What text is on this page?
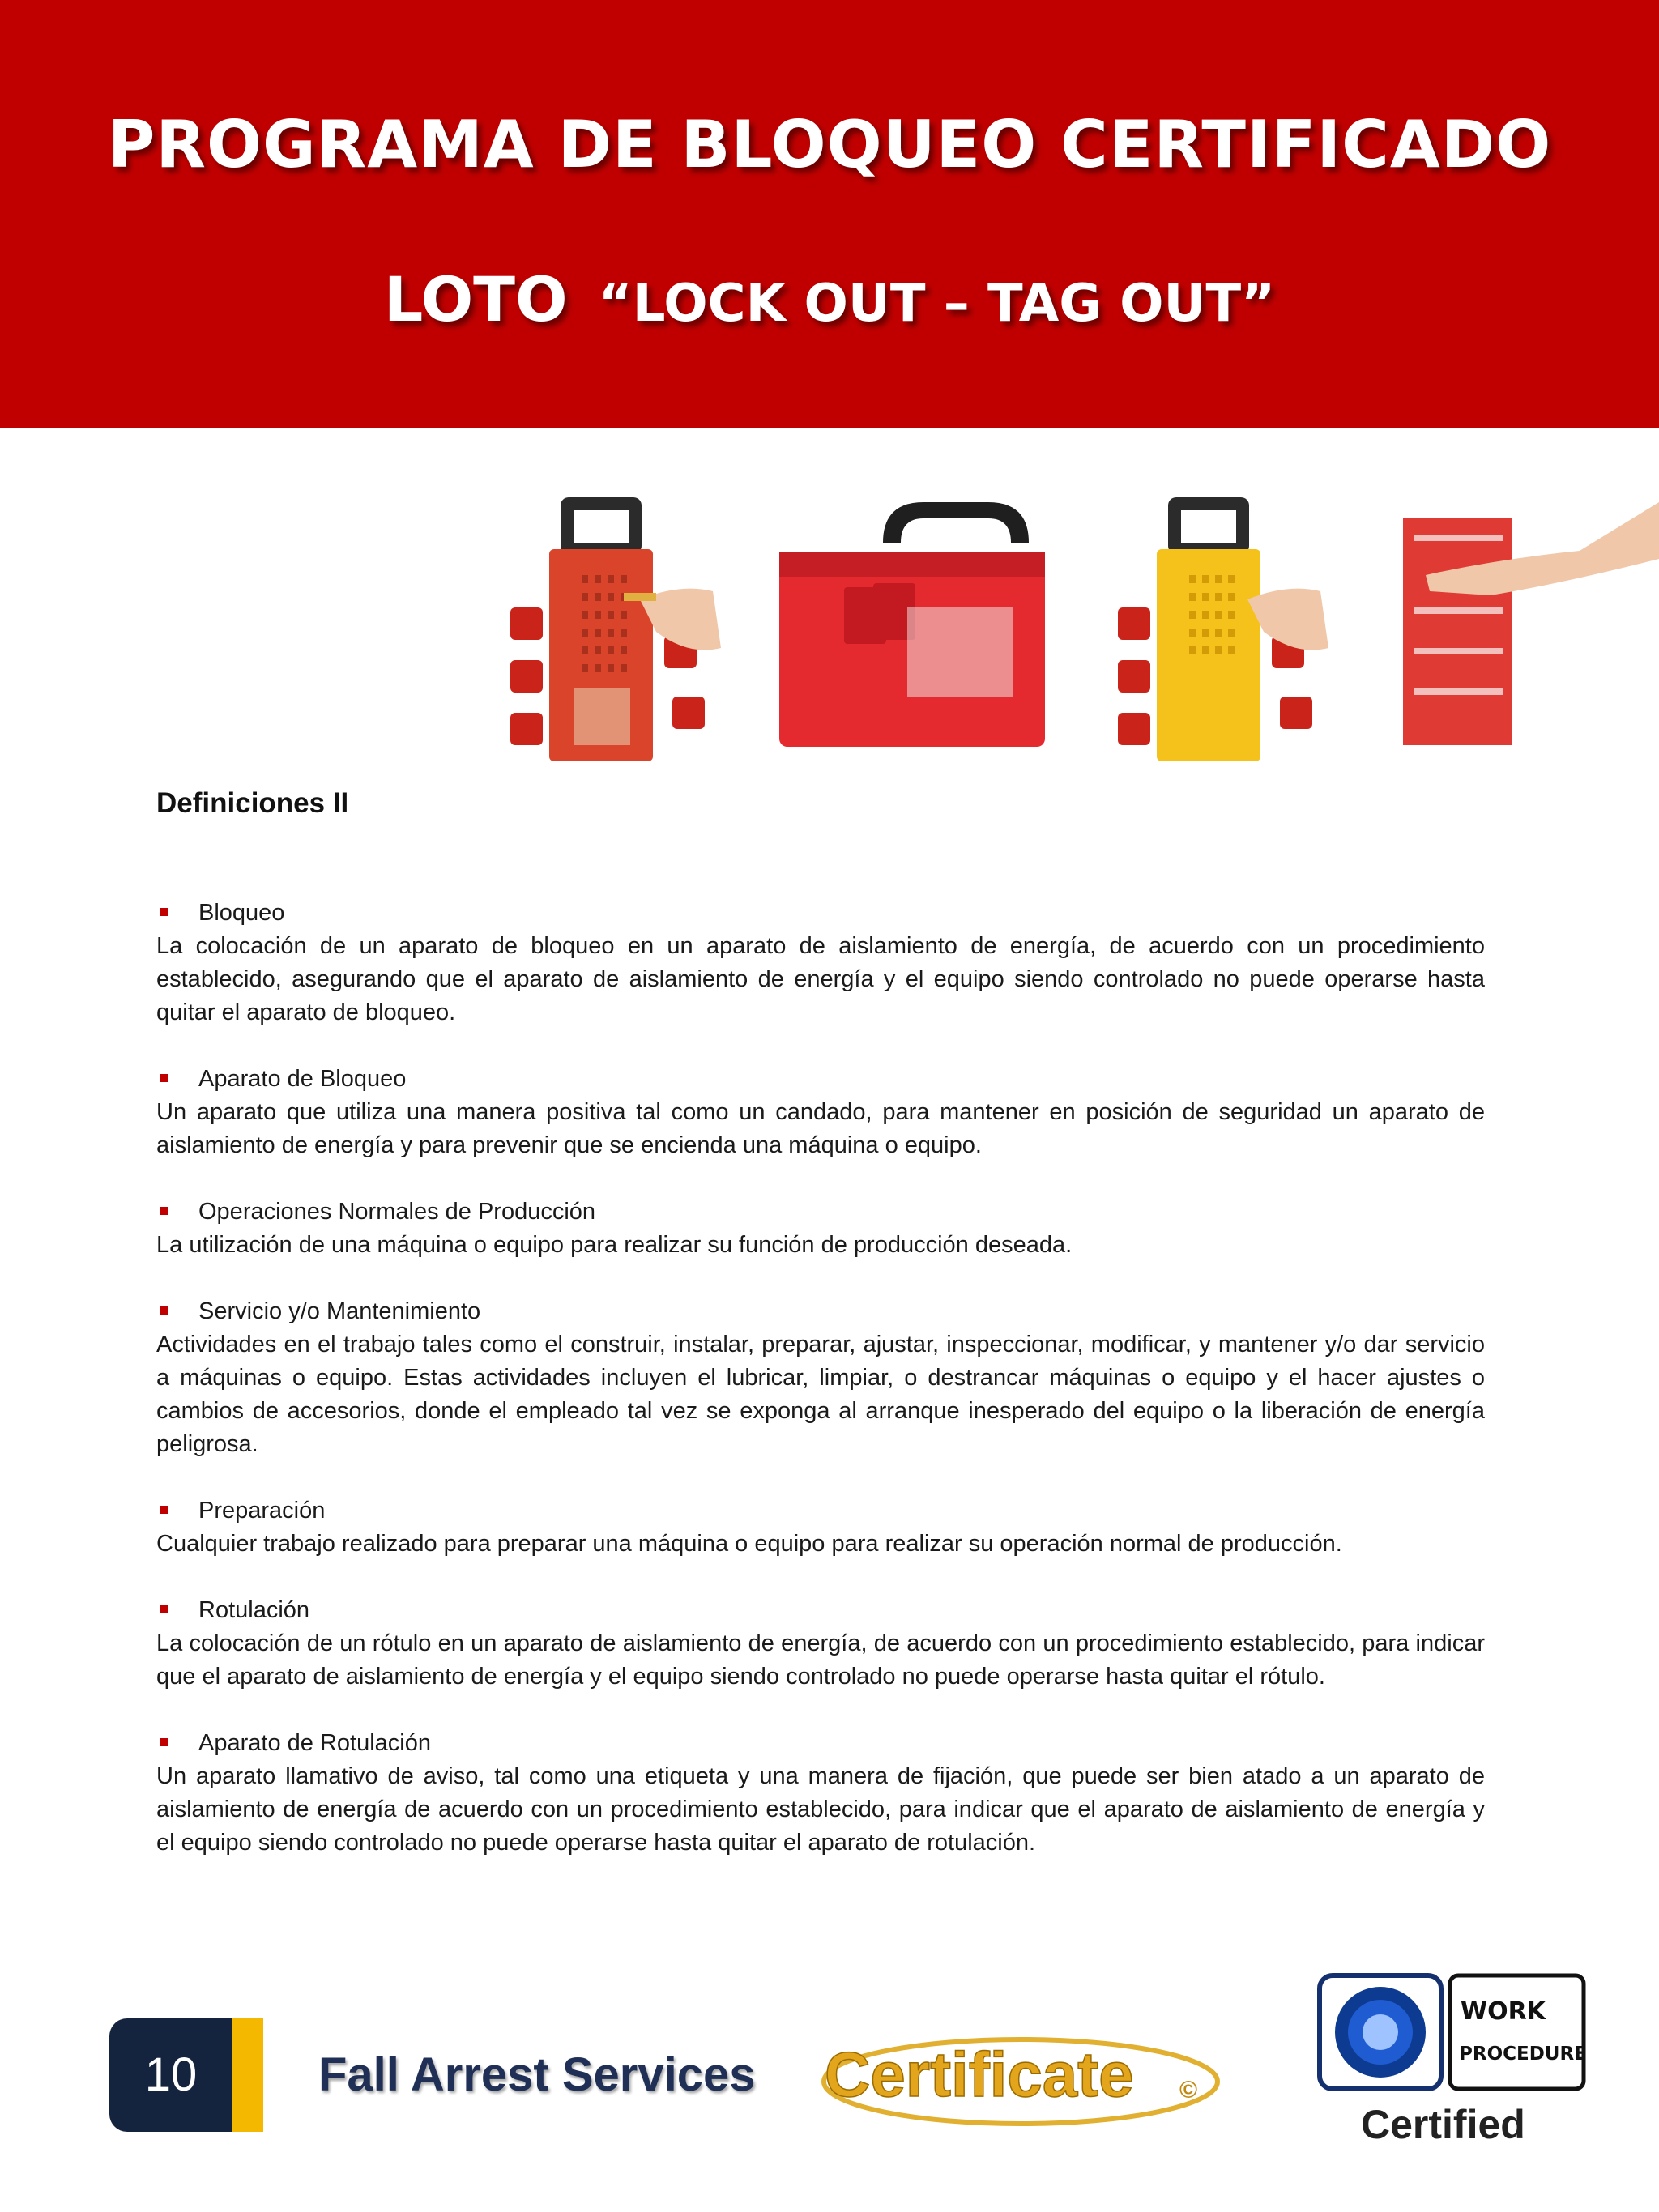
PROGRAMA DE BLOQUEO CERTIFICADO
LOTO “LOCK OUT – TAG OUT”
Definiciones II
Bloqueo
La colocación de un aparato de bloqueo en un aparato de aislamiento de energía, de acuerdo con un procedimiento establecido, asegurando que el aparato de aislamiento de energía y el equipo siendo controlado no puede operarse hasta quitar el aparato de bloqueo.
Aparato de Bloqueo
Un aparato que utiliza una manera positiva tal como un candado, para mantener en posición de seguridad un aparato de aislamiento de energía y para prevenir que se encienda una máquina o equipo.
Operaciones Normales de Producción
La utilización de una máquina o equipo para realizar su función de producción deseada.
Servicio y/o Mantenimiento
Actividades en el trabajo tales como el construir, instalar, preparar, ajustar, inspeccionar, modificar, y mantener y/o dar servicio a máquinas o equipo. Estas actividades incluyen el lubricar, limpiar, o destrancar máquinas o equipo y el hacer ajustes o cambios de accesorios, donde el empleado tal vez se exponga al arranque inesperado del equipo o la liberación de energía peligrosa.
Preparación
Cualquier trabajo realizado para preparar una máquina o equipo para realizar su operación normal de producción.
Rotulación
La colocación de un rótulo en un aparato de aislamiento de energía, de acuerdo con un procedimiento establecido, para indicar que el aparato de aislamiento de energía y el equipo siendo controlado no puede operarse hasta quitar el rótulo.
Aparato de Rotulación
Un aparato llamativo de aviso, tal como una etiqueta y una manera de fijación, que puede ser bien atado a un aparato de aislamiento de energía de acuerdo con un procedimiento establecido, para indicar que el aparato de aislamiento de energía y el equipo siendo controlado no puede operarse hasta quitar el aparato de rotulación.
10	Fall Arrest Services Certificate ©
WORK
PROCEDURE
Certified
